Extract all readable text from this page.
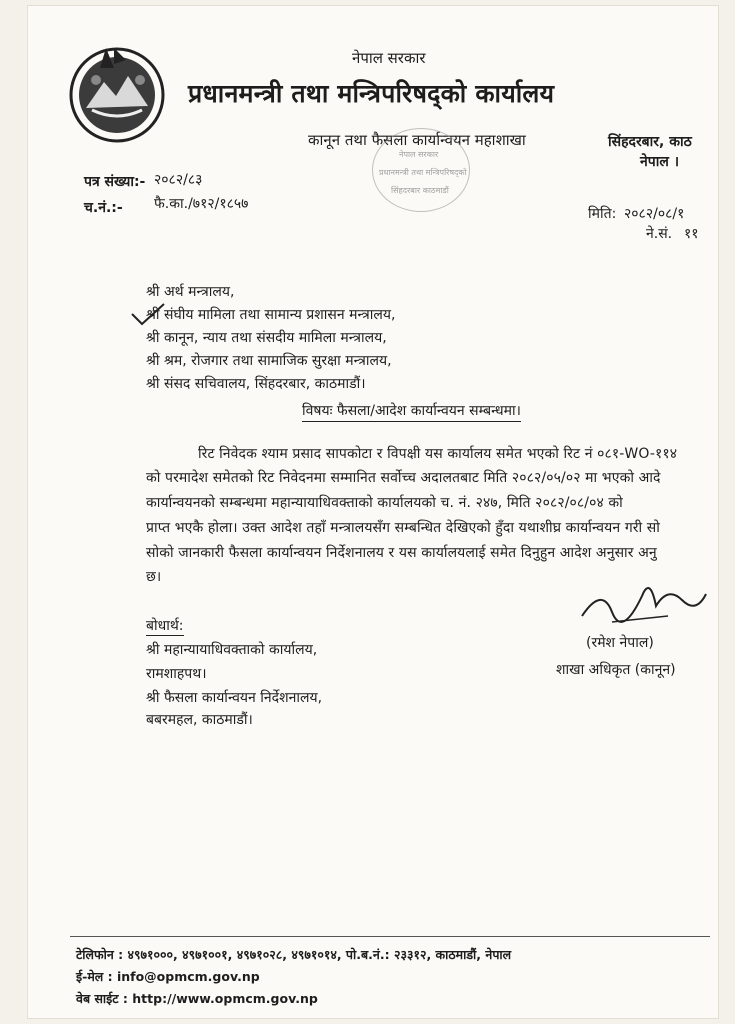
नेपाल सरकार
प्रधानमन्त्री तथा मन्त्रिपरिषद्को कार्यालय
कानून तथा फैसला कार्यान्वयन महाशाखा	सिंहदरबार, काठ
नेपाल ।
नेपाल सरकार
प्रधानमन्त्री तथा मन्त्रिपरिषद्को
सिंहदरबार काठमाडौं
पत्र संख्या:- २०८२/८३
च.नं.:- फै.का./७१२/१८५७
मिति: २०८२/०८/१
ने.सं. ११
श्री अर्थ मन्त्रालय,
श्री संघीय मामिला तथा सामान्य प्रशासन मन्त्रालय,
श्री कानून, न्याय तथा संसदीय मामिला मन्त्रालय,
श्री श्रम, रोजगार तथा सामाजिक सुरक्षा मन्त्रालय,
श्री संसद सचिवालय, सिंहदरबार, काठमाडौं।
विषयः फैसला/आदेश कार्यान्वयन सम्बन्धमा।
रिट निवेदक श्याम प्रसाद सापकोटा र विपक्षी यस कार्यालय समेत भएको रिट नं ०८१-WO-११४
को परमादेश समेतको रिट निवेदनमा सम्मानित सर्वोच्च अदालतबाट मिति २०८२/०५/०२ मा भएको आदे
कार्यान्वयनको सम्बन्धमा महान्यायाधिवक्ताको कार्यालयको च. नं. २४७, मिति २०८२/०८/०४ को
प्राप्त भएकै होला। उक्त आदेश तहाँ मन्त्रालयसँग सम्बन्धित देखिएको हुँदा यथाशीघ्र कार्यान्वयन गरी सो
सोको जानकारी फैसला कार्यान्वयन निर्देशनालय र यस कार्यालयलाई समेत दिनुहुन आदेश अनुसार अनु
छ।
(रमेश नेपाल)
शाखा अधिकृत (कानून)
बोधार्थ:
श्री महान्यायाधिवक्ताको कार्यालय,
रामशाहपथ।
श्री फैसला कार्यान्वयन निर्देशनालय,
बबरमहल, काठमाडौं।
टेलिफोन : ४९७१०००, ४९७१००१, ४९७१०२८, ४९७१०१४, पो.ब.नं.: २३३१२, काठमाडौं, नेपाल
ई-मेल : info@opmcm.gov.np
वेब साईट : http://www.opmcm.gov.np
